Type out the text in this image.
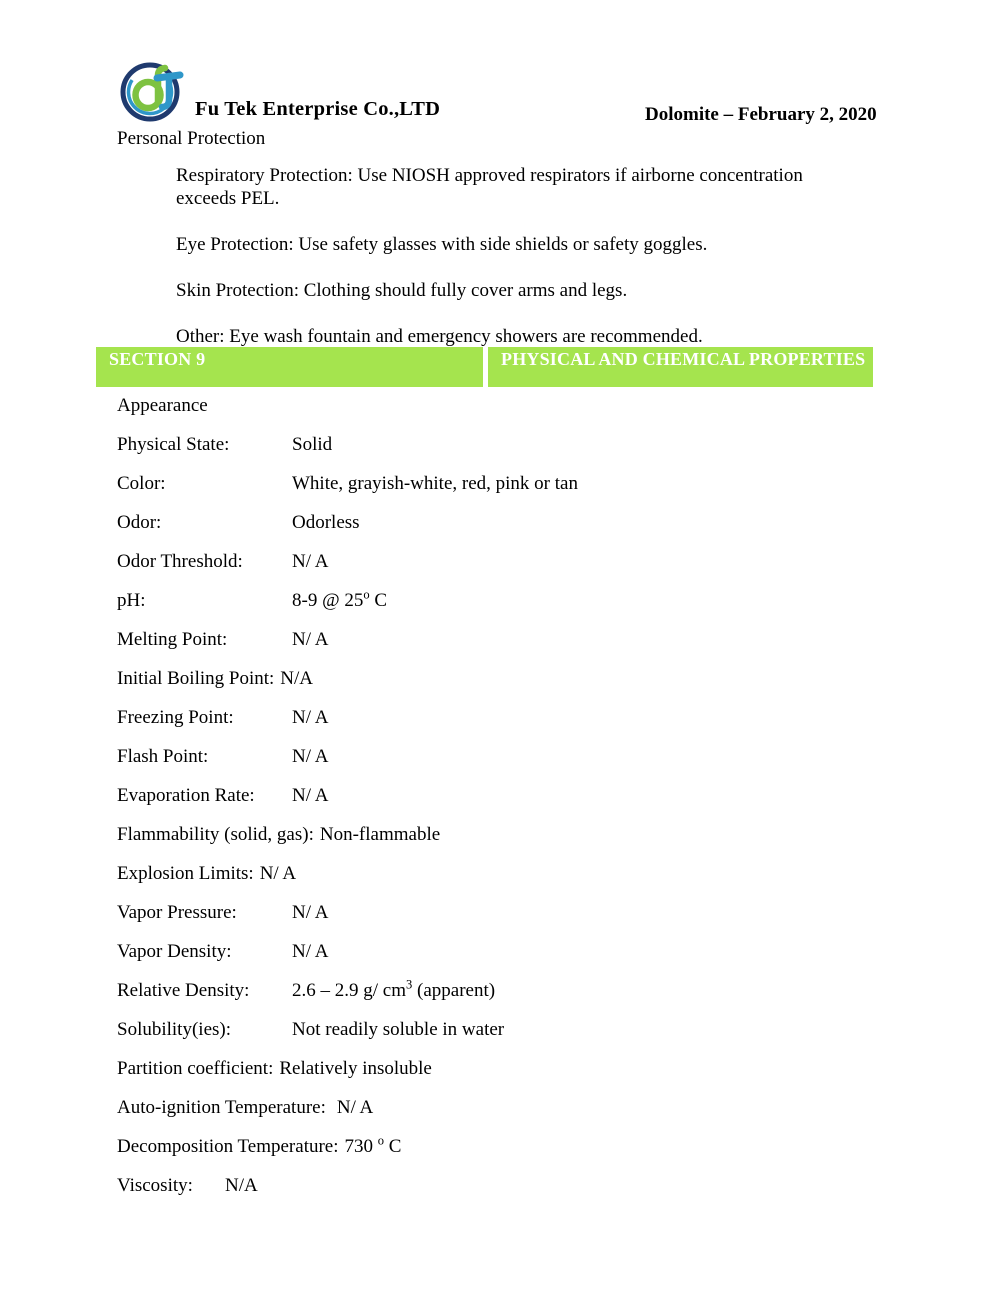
Fu Tek Enterprise Co.,LTD	Dolomite – February 2, 2020
Personal Protection
Respiratory Protection: Use NIOSH approved respirators if airborne concentration exceeds PEL.
Eye Protection: Use safety glasses with side shields or safety goggles.
Skin Protection: Clothing should fully cover arms and legs.
Other: Eye wash fountain and emergency showers are recommended.
SECTION 9	PHYSICAL AND CHEMICAL PROPERTIES
Appearance
Physical State:	Solid
Color:	White, grayish-white, red, pink or tan
Odor:	Odorless
Odor Threshold:	N/ A
pH:	8-9 @ 25$^o$ C
Melting Point:	N/ A
Initial Boiling Point: N/A
Freezing Point:	N/ A
Flash Point:	N/ A
Evaporation Rate: N/ A
Flammability (solid, gas): Non-flammable
Explosion Limits: N/ A
Vapor Pressure:	N/ A
Vapor Density:	N/ A
Relative Density: 2.6 – 2.9 g/ $cm^3$ (apparent)
Solubility(ies):	Not readily soluble in water
Partition coefficient: Relatively insoluble
Auto-ignition Temperature: N/ A
Decomposition Temperature: 730 $^o$ C
Viscosity: N/A
